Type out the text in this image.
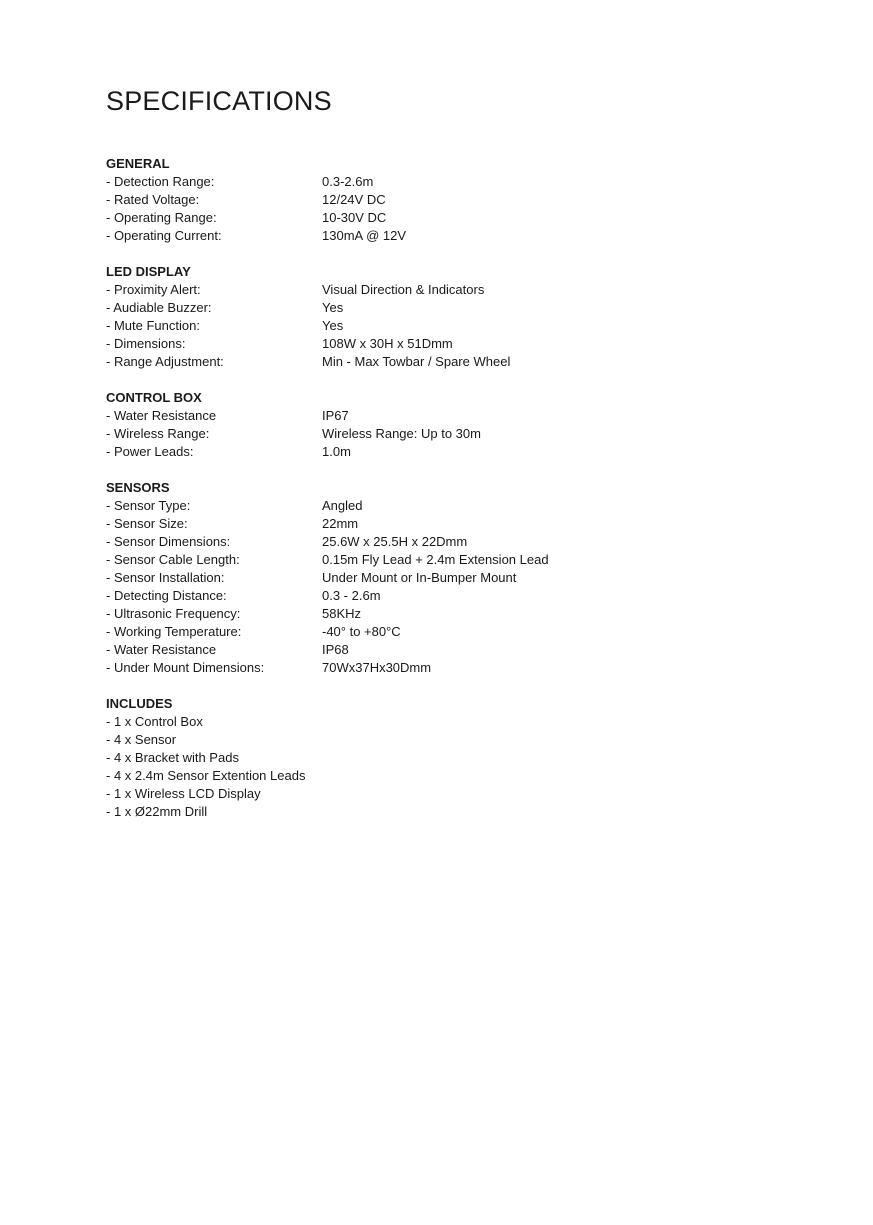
SPECIFICATIONS
GENERAL
- Detection Range:	0.3-2.6m
- Rated Voltage:	12/24V DC
- Operating Range:	10-30V DC
- Operating Current:	130mA @ 12V
LED DISPLAY
- Proximity Alert:	Visual Direction & Indicators
- Audiable Buzzer:	Yes
- Mute Function:	Yes
- Dimensions:	108W x 30H x 51Dmm
- Range Adjustment:	Min - Max Towbar / Spare Wheel
CONTROL BOX
- Water Resistance	IP67
- Wireless Range:	Wireless Range: Up to 30m
- Power Leads:	1.0m
SENSORS
- Sensor Type:	Angled
- Sensor Size:	22mm
- Sensor Dimensions:	25.6W x 25.5H x 22Dmm
- Sensor Cable Length:	0.15m Fly Lead + 2.4m Extension Lead
- Sensor Installation:	Under Mount or In-Bumper Mount
- Detecting Distance:	0.3 - 2.6m
- Ultrasonic Frequency:	58KHz
- Working Temperature:	-40° to +80°C
- Water Resistance	IP68
- Under Mount Dimensions:	70Wx37Hx30Dmm
INCLUDES
- 1 x Control Box
- 4 x Sensor
- 4 x Bracket with Pads
- 4 x 2.4m Sensor Extention Leads
- 1 x Wireless LCD Display
- 1 x Ø22mm Drill
